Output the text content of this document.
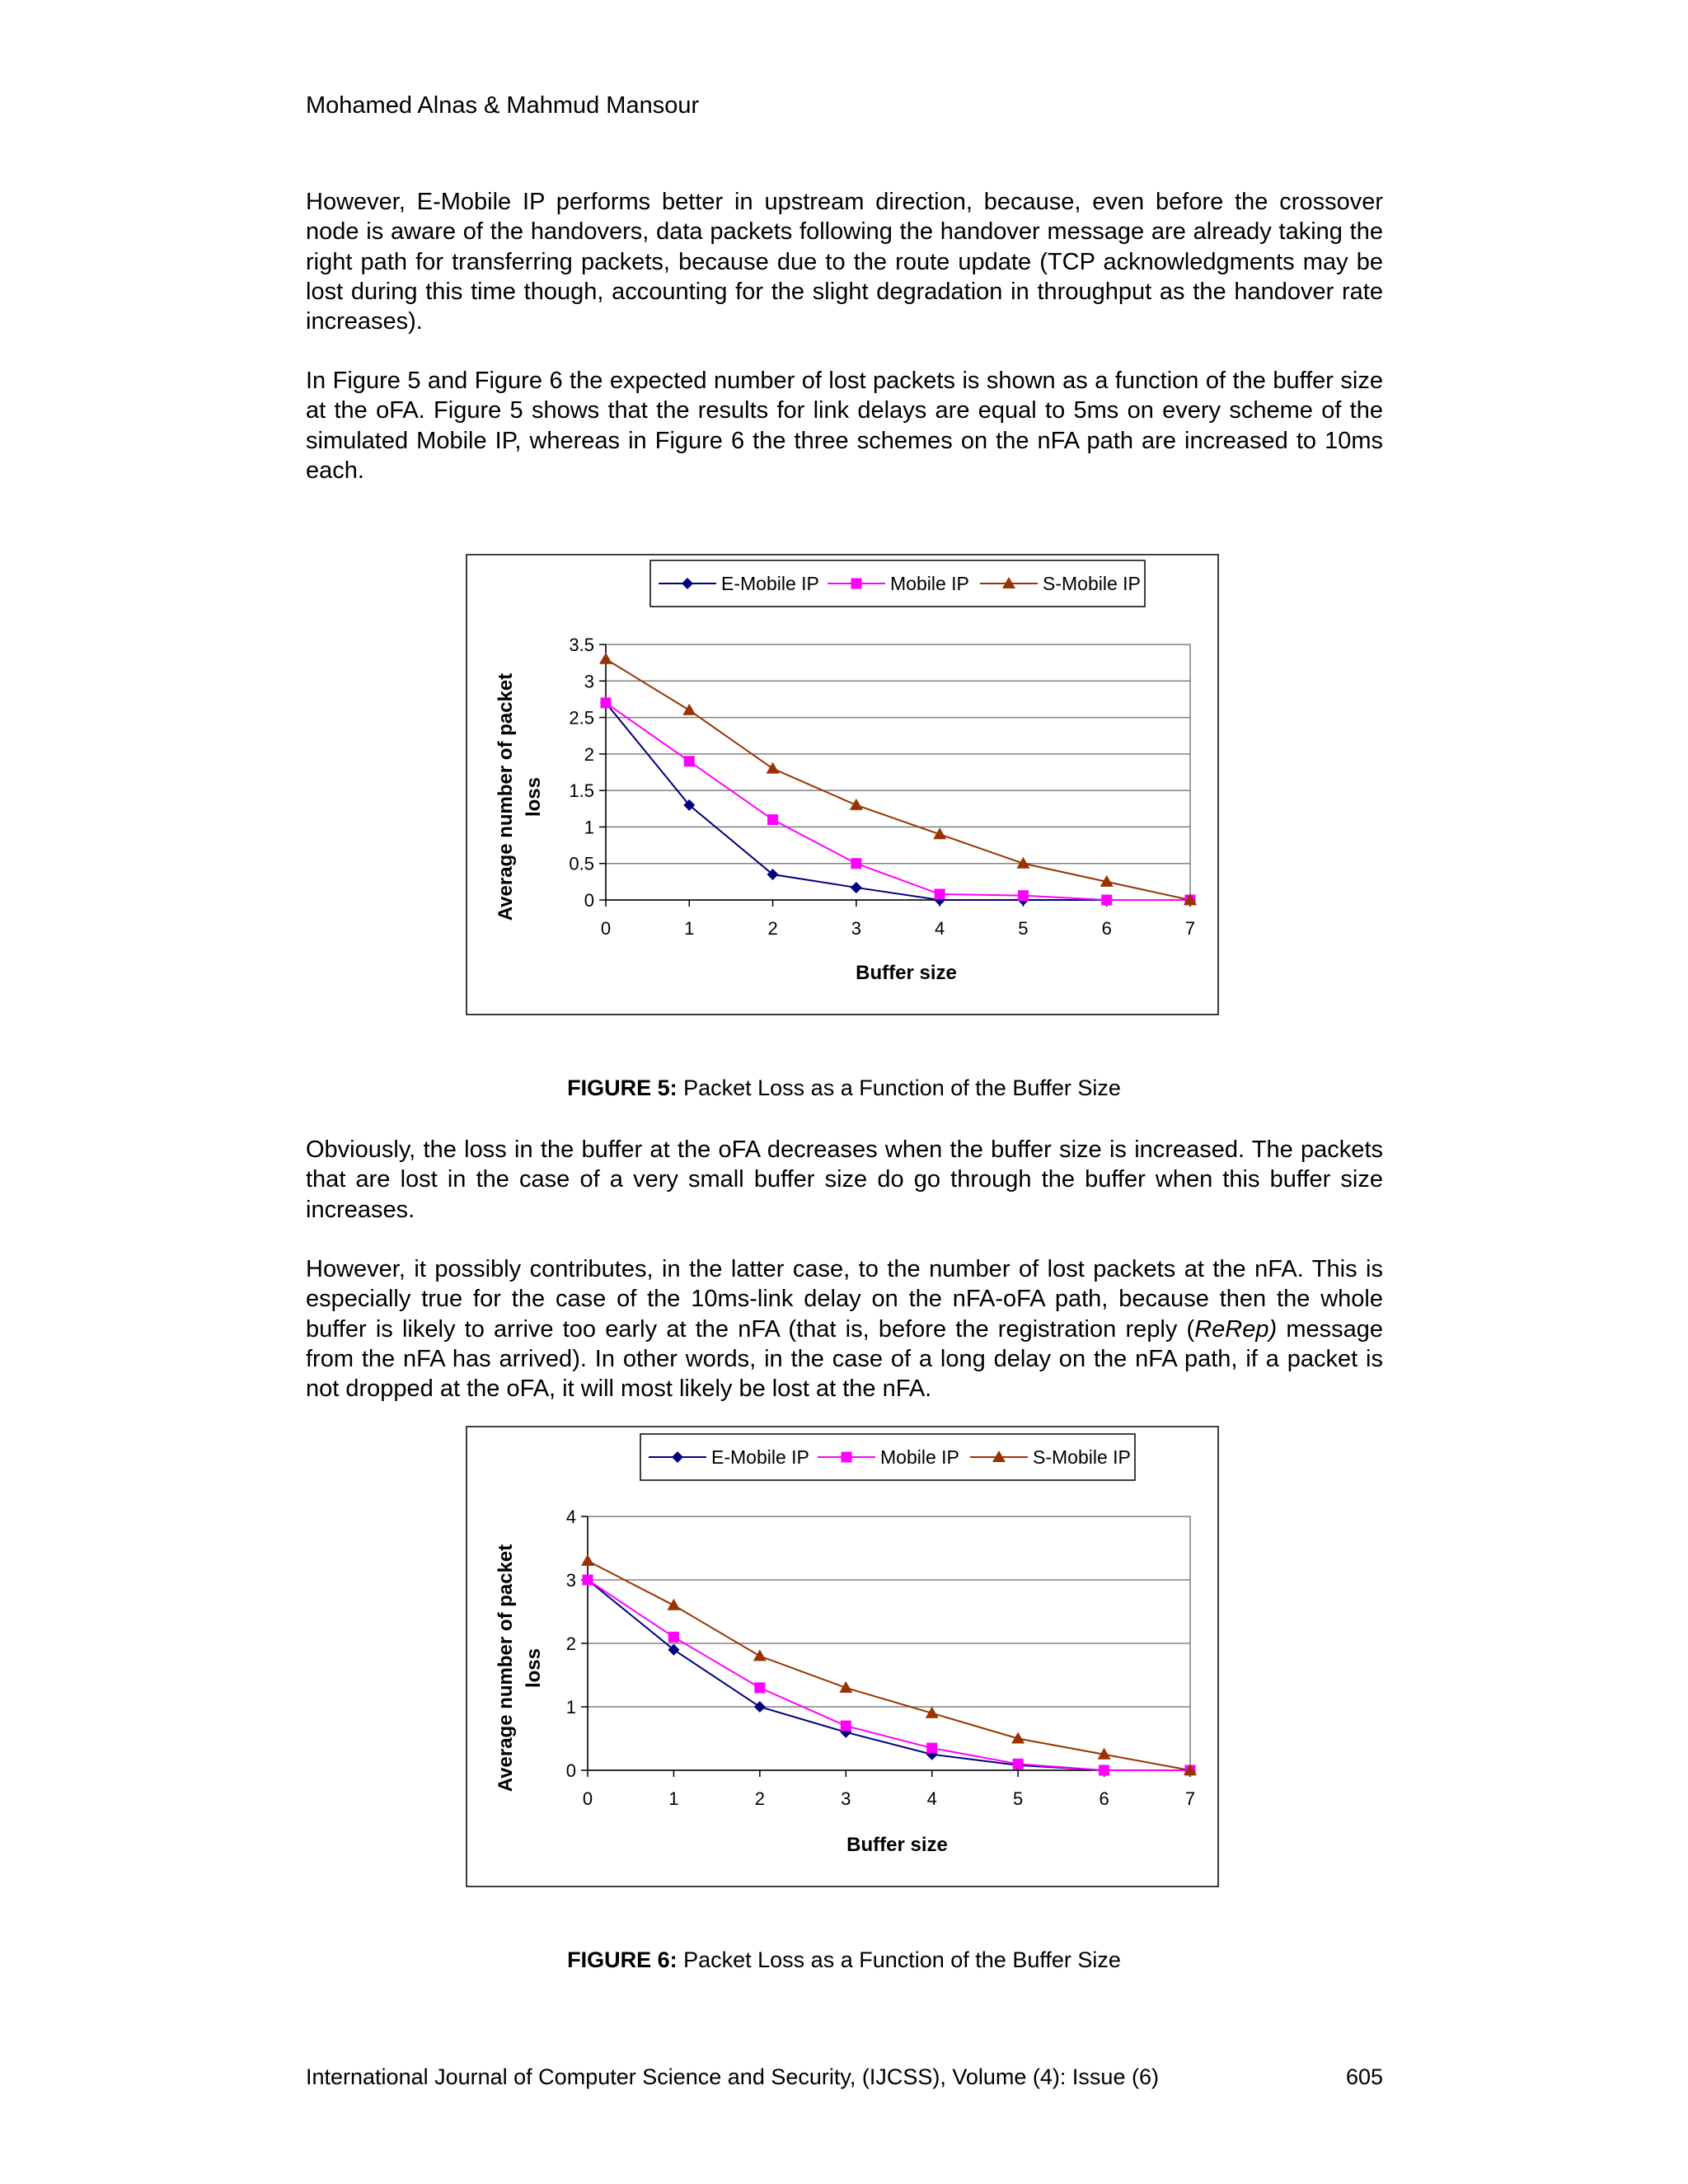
Mohamed Alnas & Mahmud Mansour

However, E-Mobile IP performs better in upstream direction, because, even before the crossover node is aware of the handovers, data packets following the handover message are already taking the right path for transferring packets, because due to the route update (TCP acknowledgments may be lost during this time though, accounting for the slight degradation in throughput as the handover rate increases).

In Figure 5 and Figure 6 the expected number of lost packets is shown as a function of the buffer size at the oFA. Figure 5 shows that the results for link delays are equal to 5ms on every scheme of the simulated Mobile IP, whereas in Figure 6 the three schemes on the nFA path are increased to 10ms each.

0
0.5
1
1.5
2
2.5
3
3.5
0	1	2	3	4	5	6	7
Buffer size
Average number of packet loss
E-Mobile IP	Mobile IP	S-Mobile IP
FIGURE 5: Packet Loss as a Function of the Buffer Size

Obviously, the loss in the buffer at the oFA decreases when the buffer size is increased. The packets that are lost in the case of a very small buffer size do go through the buffer when this buffer size increases.

However, it possibly contributes, in the latter case, to the number of lost packets at the nFA. This is especially true for the case of the 10ms-link delay on the nFA-oFA path, because then the whole buffer is likely to arrive too early at the nFA (that is, before the registration reply (ReRep) message from the nFA has arrived). In other words, in the case of a long delay on the nFA path, if a packet is not dropped at the oFA, it will most likely be lost at the nFA.

0
1
2
3
4
0	1	2	3	4	5	6	7
Buffer size
Average number of packet loss
E-Mobile IP	Mobile IP	S-Mobile IP
FIGURE 6: Packet Loss as a Function of the Buffer Size
International Journal of Computer Science and Security, (IJCSS), Volume (4): Issue (6)	605
